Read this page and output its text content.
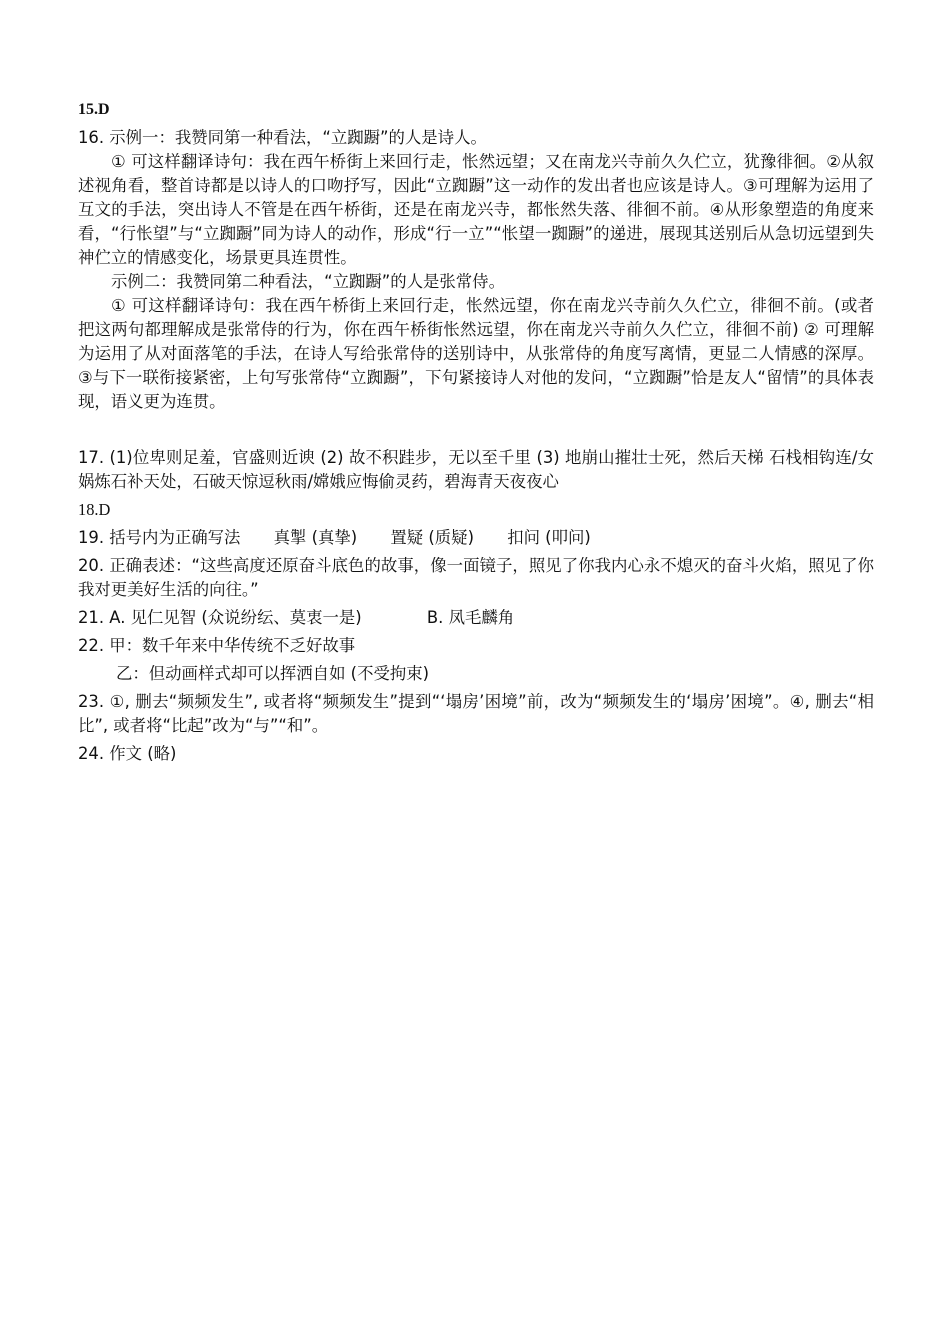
15.D

16. 示例一：我赞同第一种看法，“立踟蹰”的人是诗人。

① 可这样翻译诗句：我在西午桥街上来回行走，怅然远望；又在南龙兴寺前久久伫立，犹豫徘徊。②从叙述视角看，整首诗都是以诗人的口吻抒写，因此“立踟蹰”这一动作的发出者也应该是诗人。③可理解为运用了互文的手法，突出诗人不管是在西午桥街，还是在南龙兴寺，都怅然失落、徘徊不前。④从形象塑造的角度来看，“行怅望”与“立踟蹰”同为诗人的动作，形成“行一立”“怅望一踟蹰”的递进，展现其送别后从急切远望到失神伫立的情感变化，场景更具连贯性。

示例二：我赞同第二种看法，“立踟蹰”的人是张常侍。

① 可这样翻译诗句：我在西午桥街上来回行走，怅然远望，你在南龙兴寺前久久伫立，徘徊不前。(或者把这两句都理解成是张常侍的行为，你在西午桥街怅然远望，你在南龙兴寺前久久伫立，徘徊不前) ② 可理解为运用了从对面落笔的手法，在诗人写给张常侍的送别诗中，从张常侍的角度写离情，更显二人情感的深厚。③与下一联衔接紧密，上句写张常侍“立踟蹰”，下句紧接诗人对他的发问，“立踟蹰”恰是友人“留情”的具体表现，语义更为连贯。

17. (1)位卑则足羞，官盛则近谀 (2) 故不积跬步，无以至千里 (3) 地崩山摧壮士死，然后天梯 石栈相钩连/女娲炼石补天处，石破天惊逗秋雨/嫦娥应悔偷灵药，碧海青天夜夜心

18.D

19. 括号内为正确写法 真掣 (真挚) 置疑 (质疑) 扣问 (叩问)

20. 正确表述：“这些高度还原奋斗底色的故事，像一面镜子，照见了你我内心永不熄灭的奋斗火焰，照见了你我对更美好生活的向往。”

21. A. 见仁见智 (众说纷纭、莫衷一是)	B. 凤毛麟角
22. 甲：数千年来中华传统不乏好故事
乙：但动画样式却可以挥洒自如 (不受拘束)

23. ①, 删去“频频发生”, 或者将“频频发生”提到“‘塌房’困境”前，改为“频频发生的‘塌房’困境”。④, 删去“相比”, 或者将“比起”改为“与”“和”。

24. 作文 (略)
